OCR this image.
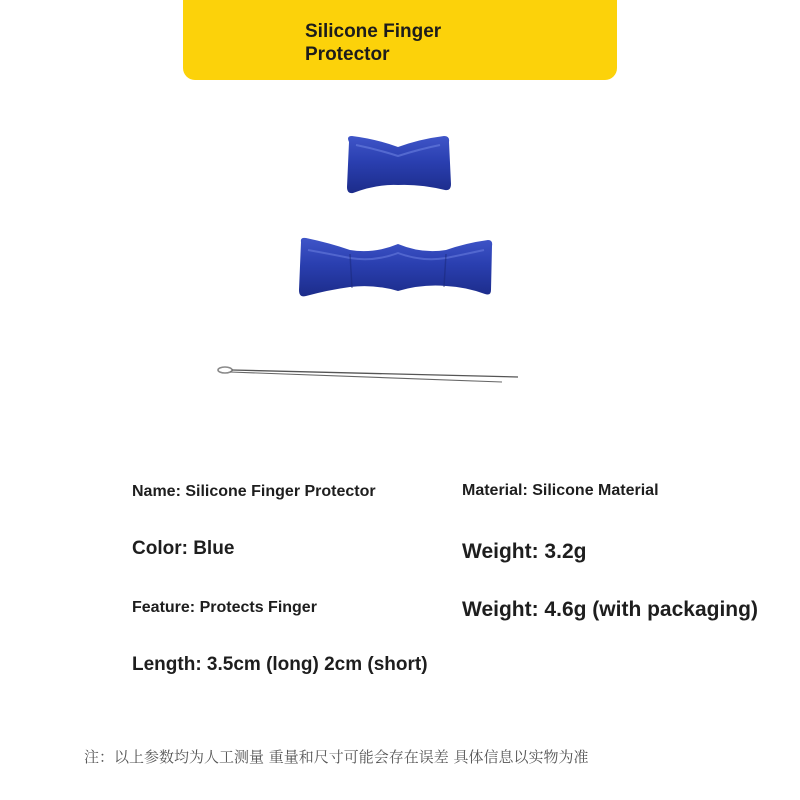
Silicone Finger Protector
Name: Silicone Finger Protector	Material: Silicone Material
Color: Blue	Weight: 3.2g
Feature: Protects Finger	Weight: 4.6g (with packaging)
Length: 3.5cm (long) 2cm (short)
注：以上参数均为人工测量 重量和尺寸可能会存在误差 具体信息以实物为准
